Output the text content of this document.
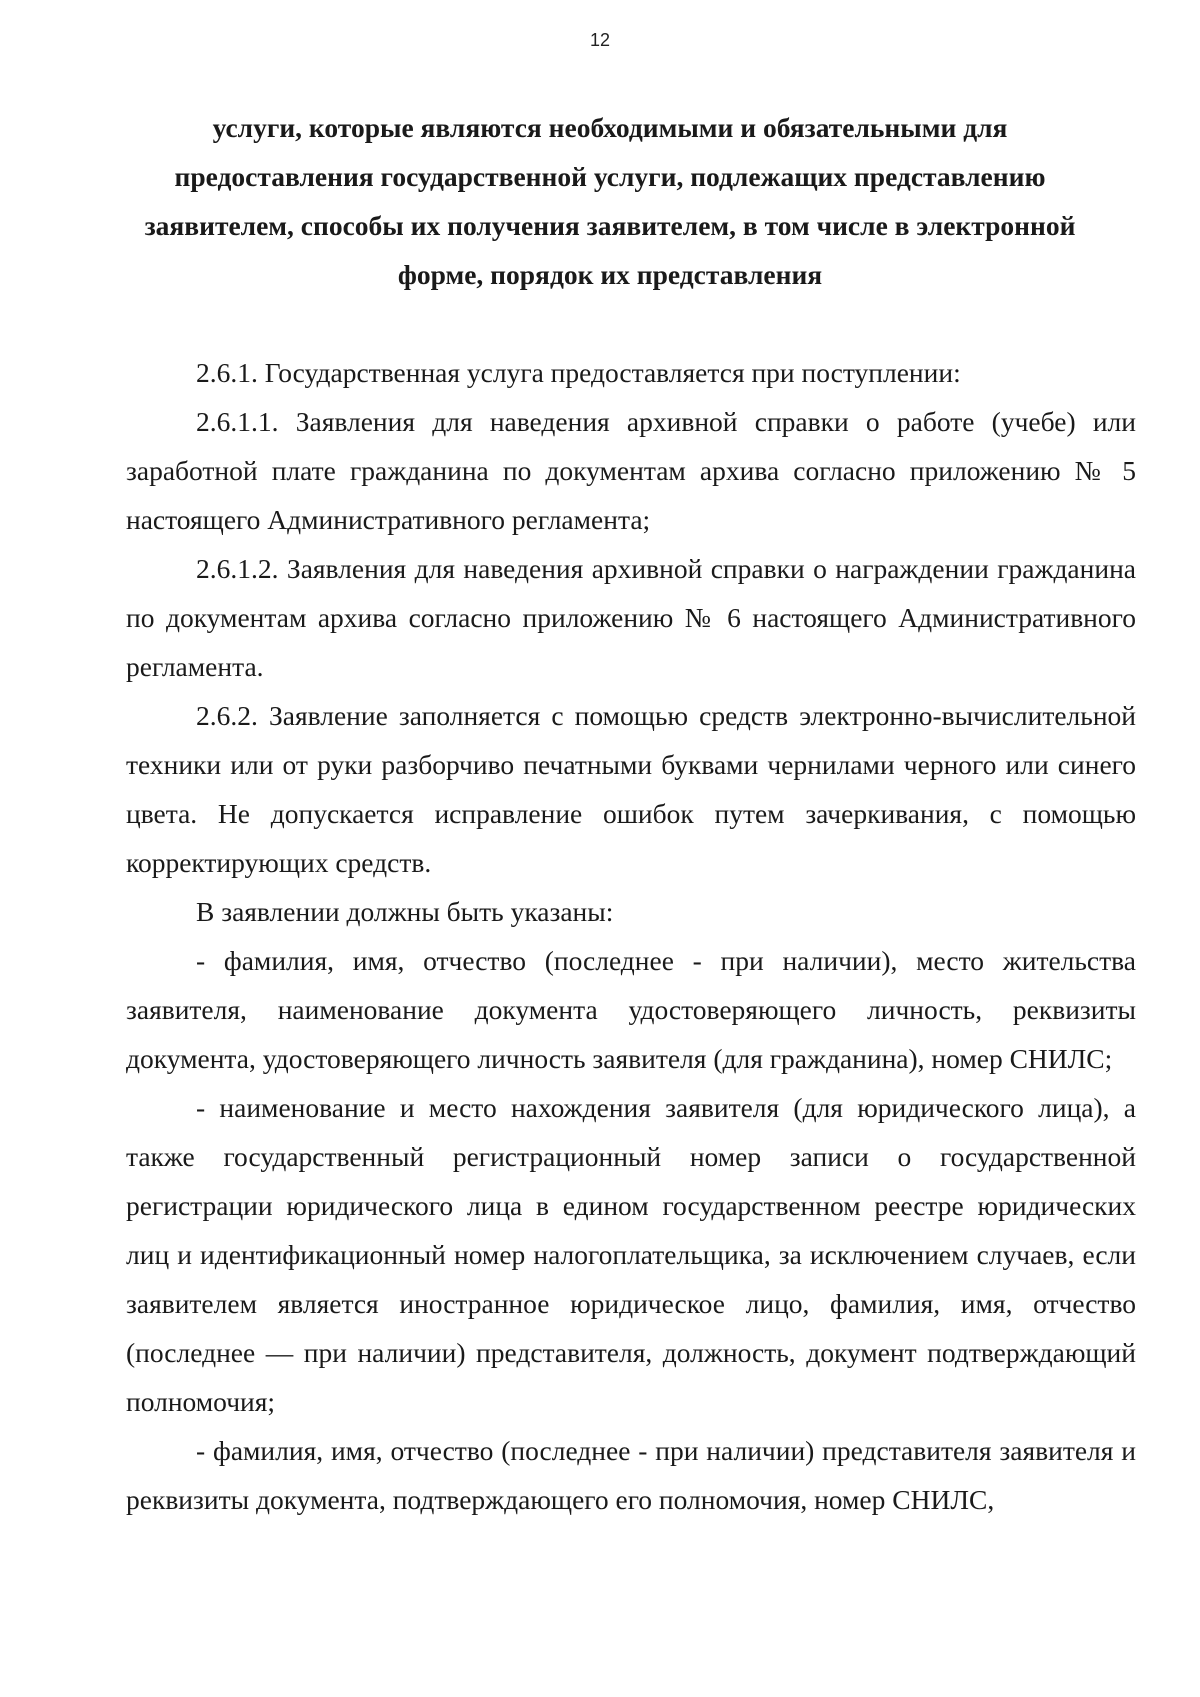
12
услуги, которые являются необходимыми и обязательными для предоставления государственной услуги, подлежащих представлению заявителем, способы их получения заявителем, в том числе в электронной форме, порядок их представления

2.6.1. Государственная услуга предоставляется при поступлении:

2.6.1.1. Заявления для наведения архивной справки о работе (учебе) или заработной плате гражданина по документам архива согласно приложению № 5 настоящего Административного регламента;

2.6.1.2. Заявления для наведения архивной справки о награждении гражданина по документам архива согласно приложению № 6 настоящего Административного регламента.

2.6.2. Заявление заполняется с помощью средств электронно-вычислительной техники или от руки разборчиво печатными буквами чернилами черного или синего цвета. Не допускается исправление ошибок путем зачеркивания, с помощью корректирующих средств.

В заявлении должны быть указаны:

- фамилия, имя, отчество (последнее - при наличии), место жительства заявителя, наименование документа удостоверяющего личность, реквизиты документа, удостоверяющего личность заявителя (для гражданина), номер СНИЛС;

- наименование и место нахождения заявителя (для юридического лица), а также государственный регистрационный номер записи о государственной регистрации юридического лица в едином государственном реестре юридических лиц и идентификационный номер налогоплательщика, за исключением случаев, если заявителем является иностранное юридическое лицо, фамилия, имя, отчество (последнее — при наличии) представителя, должность, документ подтверждающий полномочия;

- фамилия, имя, отчество (последнее - при наличии) представителя заявителя и реквизиты документа, подтверждающего его полномочия, номер СНИЛС,
